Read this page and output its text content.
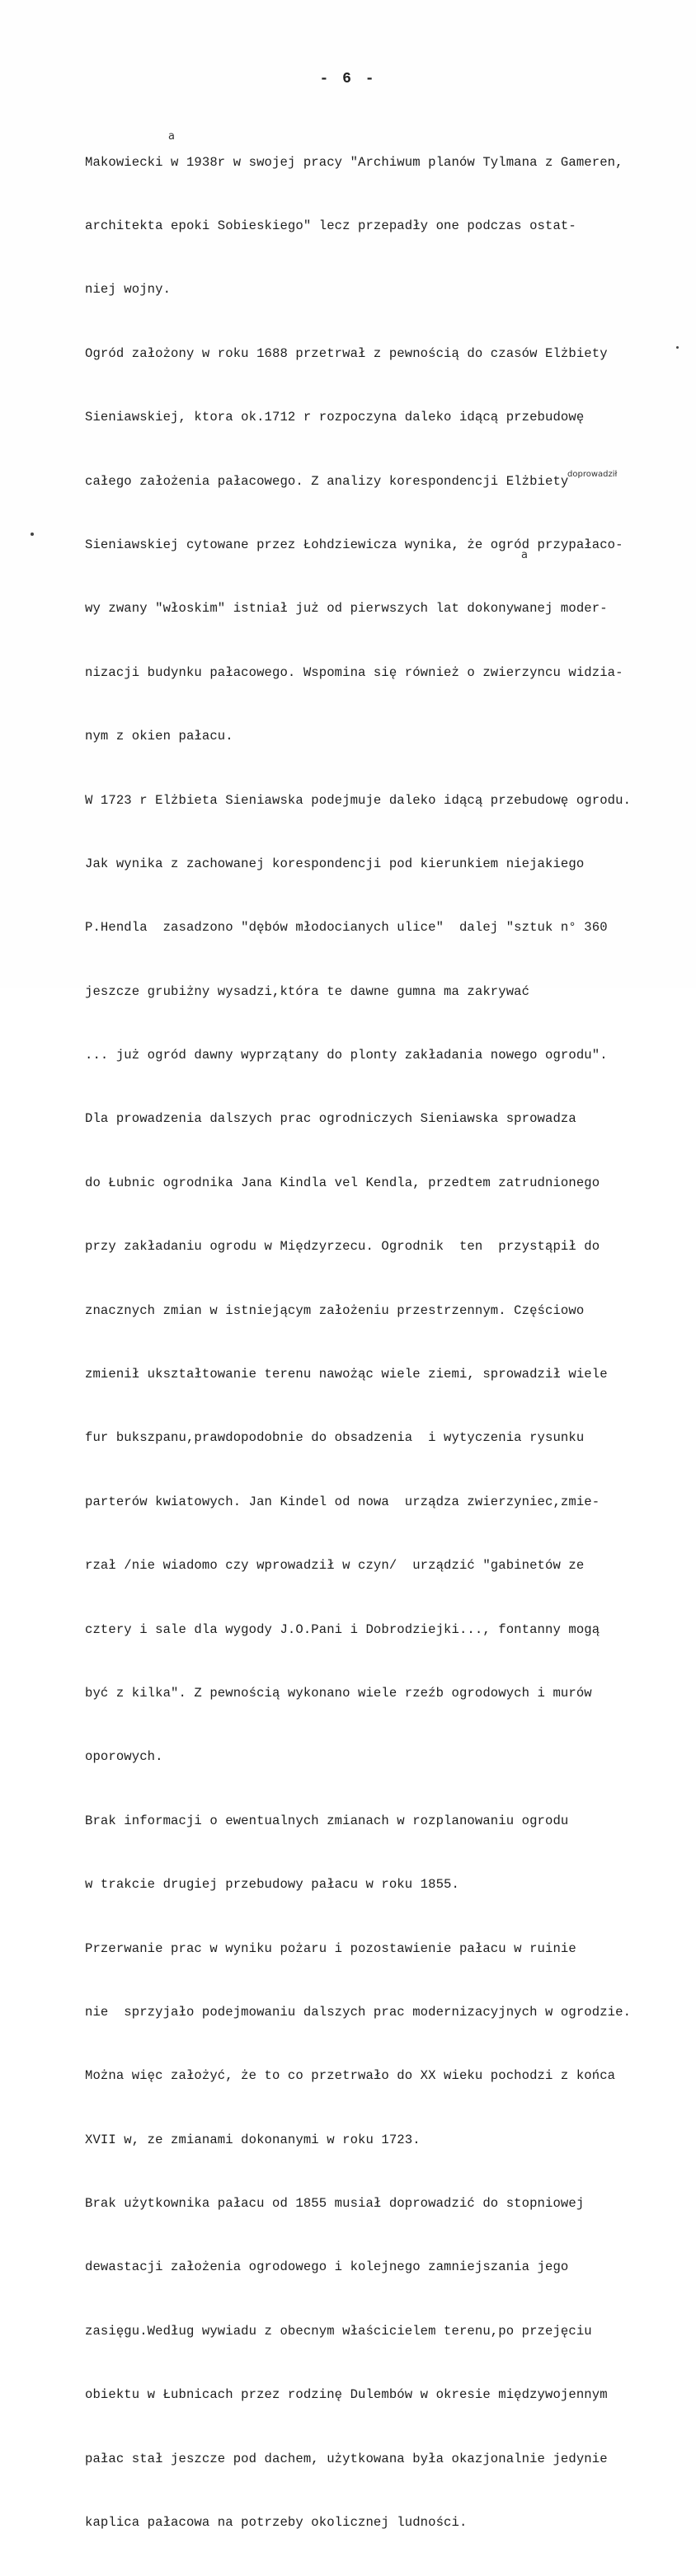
- 6 -

Makowiecki w 1938r w swojej pracy "Archiwum planów Tylmana z Gameren,

architekta epoki Sobieskiego" lecz przepadły one podczas ostat-

niej wojny.

Ogród założony w roku 1688 przetrwał z pewnością do czasów Elżbiety

Sieniawskiej, ktora ok.1712 r rozpoczyna daleko idącą przebudowę

całego założenia pałacowego. Z analizy korespondencji Elżbiety

Sieniawskiej cytowane przez Łohdziewicza wynika, że ogród przypałaco-

wy zwany "włoskim" istniał już od pierwszych lat dokonywanej moder-

nizacji budynku pałacowego. Wspomina się również o zwierzyncu widzia-

nym z okien pałacu.

W 1723 r Elżbieta Sieniawska podejmuje daleko idącą przebudowę ogrodu.

Jak wynika z zachowanej korespondencji pod kierunkiem niejakiego

P.Hendla  zasadzono "dębów młodocianych ulice"  dalej "sztuk n° 360

jeszcze grubiżny wysadzi,która te dawne gumna ma zakrywać

... już ogród dawny wyprzątany do plonty zakładania nowego ogrodu".

Dla prowadzenia dalszych prac ogrodniczych Sieniawska sprowadza

do Łubnic ogrodnika Jana Kindla vel Kendla, przedtem zatrudnionego

przy zakładaniu ogrodu w Międzyrzecu. Ogrodnik  ten  przystąpił do

znacznych zmian w istniejącym założeniu przestrzennym. Częściowo

zmienił ukształtowanie terenu nawożąc wiele ziemi, sprowadził wiele

fur bukszpanu,prawdopodobnie do obsadzenia  i wytyczenia rysunku

parterów kwiatowych. Jan Kindel od nowa  urządza zwierzyniec,zmie-

rzał /nie wiadomo czy wprowadził w czyn/  urządzić "gabinetów ze

cztery i sale dla wygody J.O.Pani i Dobrodziejki..., fontanny mogą

być z kilka". Z pewnością wykonano wiele rzeźb ogrodowych i murów

oporowych.

Brak informacji o ewentualnych zmianach w rozplanowaniu ogrodu

w trakcie drugiej przebudowy pałacu w roku 1855.

Przerwanie prac w wyniku pożaru i pozostawienie pałacu w ruinie

nie  sprzyjało podejmowaniu dalszych prac modernizacyjnych w ogrodzie.

Można więc założyć, że to co przetrwało do XX wieku pochodzi z końca

XVII w, ze zmianami dokonanymi w roku 1723.

Brak użytkownika pałacu od 1855 musiał doprowadzić do stopniowej

dewastacji założenia ogrodowego i kolejnego zamniejszania jego

zasięgu.Według wywiadu z obecnym właścicielem terenu,po przejęciu

obiektu w Łubnicach przez rodzinę Dulembów w okresie międzywojennym

pałac stał jeszcze pod dachem, użytkowana była okazjonalnie jedynie

kaplica pałacowa na potrzeby okolicznej ludności.

a
a
doprowadził
